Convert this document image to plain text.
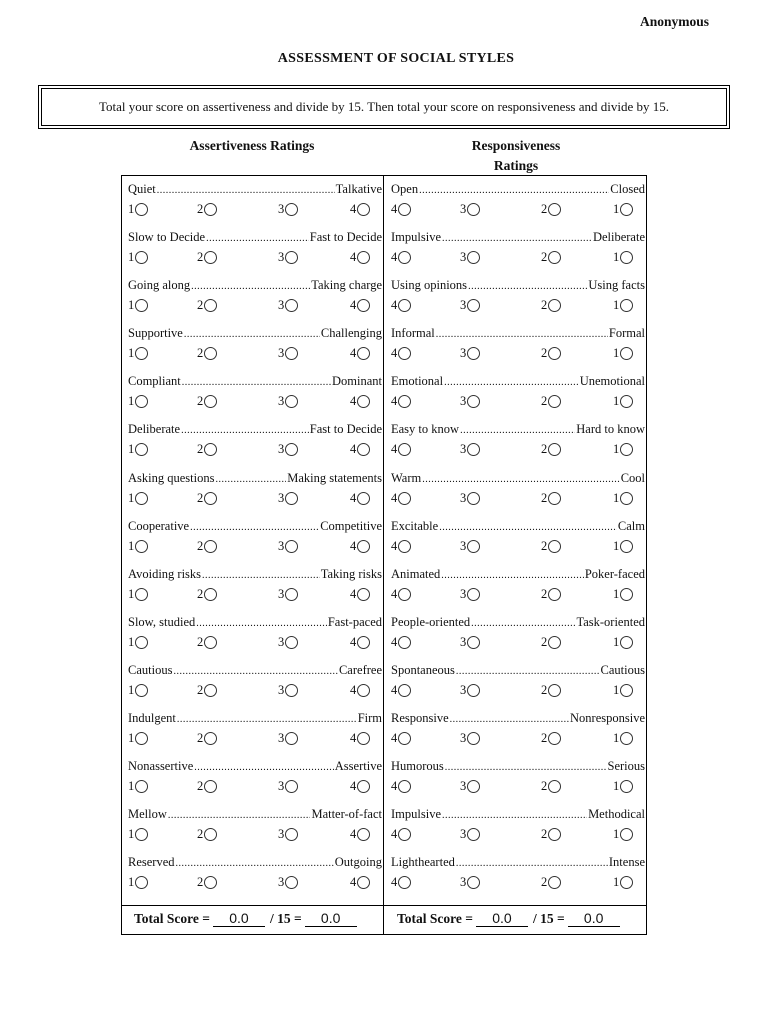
Anonymous
ASSESSMENT OF SOCIAL STYLES
Total your score on assertiveness and divide by 15. Then total your score on responsiveness and divide by 15.
Assertiveness Ratings	Responsiveness
Ratings
Quiet .....	Talkative
1	2	3	4
Slow to Decide .....	Fast to Decide
1	2	3	4
Going along .....	Taking charge
1	2	3	4
Supportive .....	Challenging
1	2	3	4
Compliant .....	Dominant
1	2	3	4
Deliberate .....	Fast to Decide
1	2	3	4
Asking questions .....	Making statements
1	2	3	4
Cooperative .....	Competitive
1	2	3	4
Avoiding risks .....	Taking risks
1	2	3	4
Slow, studied .....	Fast-paced
1	2	3	4
Cautious .....	Carefree
1	2	3	4
Indulgent .....	Firm
1	2	3	4
Nonassertive .....	Assertive
1	2	3	4
Mellow .....	Matter-of-fact
1	2	3	4
Reserved .....	Outgoing
1	2	3	4
Open .....	Closed
4	3	2	1
Impulsive .....	Deliberate
4	3	2	1
Using opinions .....	Using facts
4	3	2	1
Informal .....	Formal
4	3	2	1
Emotional .....	Unemotional
4	3	2	1
Easy to know .....	Hard to know
4	3	2	1
Warm .....	Cool
4	3	2	1
Excitable .....	Calm
4	3	2	1
Animated .....	Poker-faced
4	3	2	1
People-oriented .....	Task-oriented
4	3	2	1
Spontaneous .....	Cautious
4	3	2	1
Responsive .....	Nonresponsive
4	3	2	1
Humorous .....	Serious
4	3	2	1
Impulsive .....	Methodical
4	3	2	1
Lighthearted .....	Intense
4	3	2	1
Total Score =	0.0	/ 15 =	0.0	Total Score =	0.0	/ 15 =	0.0
